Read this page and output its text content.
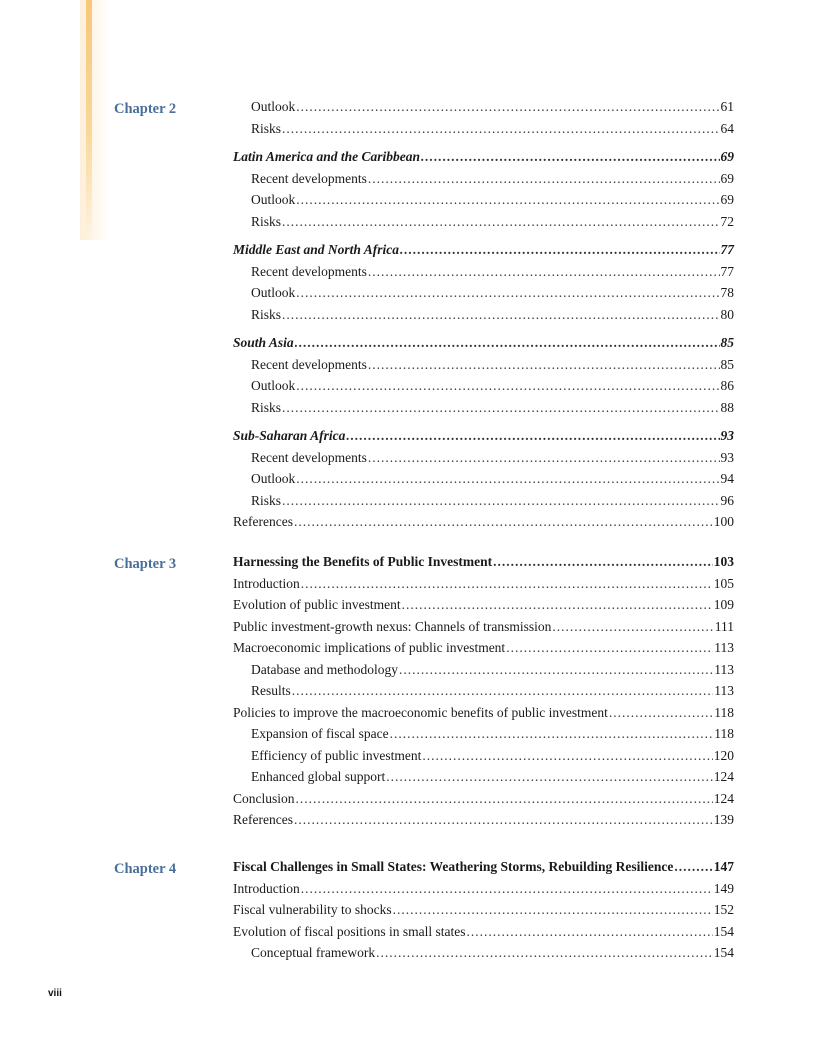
Chapter 2	Outlook .....	61
Risks .....	64
Latin America and the Caribbean .....	69
Recent developments .....	69
Outlook .....	69
Risks .....	72
Middle East and North Africa .....	77
Recent developments .....	77
Outlook .....	78
Risks .....	80
South Asia .....	85
Recent developments .....	85
Outlook .....	86
Risks .....	88
Sub-Saharan Africa .....	93
Recent developments .....	93
Outlook .....	94
Risks .....	96
References .....	100
Chapter 3	Harnessing the Benefits of Public Investment .....	103
Introduction .....	105
Evolution of public investment .....	109
Public investment-growth nexus: Channels of transmission .....	111
Macroeconomic implications of public investment .....	113
Database and methodology .....	113
Results .....	113
Policies to improve the macroeconomic benefits of public investment .....	118
Expansion of fiscal space .....	118
Efficiency of public investment .....	120
Enhanced global support .....	124
Conclusion .....	124
References .....	139
Chapter 4	Fiscal Challenges in Small States: Weathering Storms, Rebuilding Resilience .....	147
Introduction .....	149
Fiscal vulnerability to shocks .....	152
Evolution of fiscal positions in small states .....	154
Conceptual framework .....	154
viii
